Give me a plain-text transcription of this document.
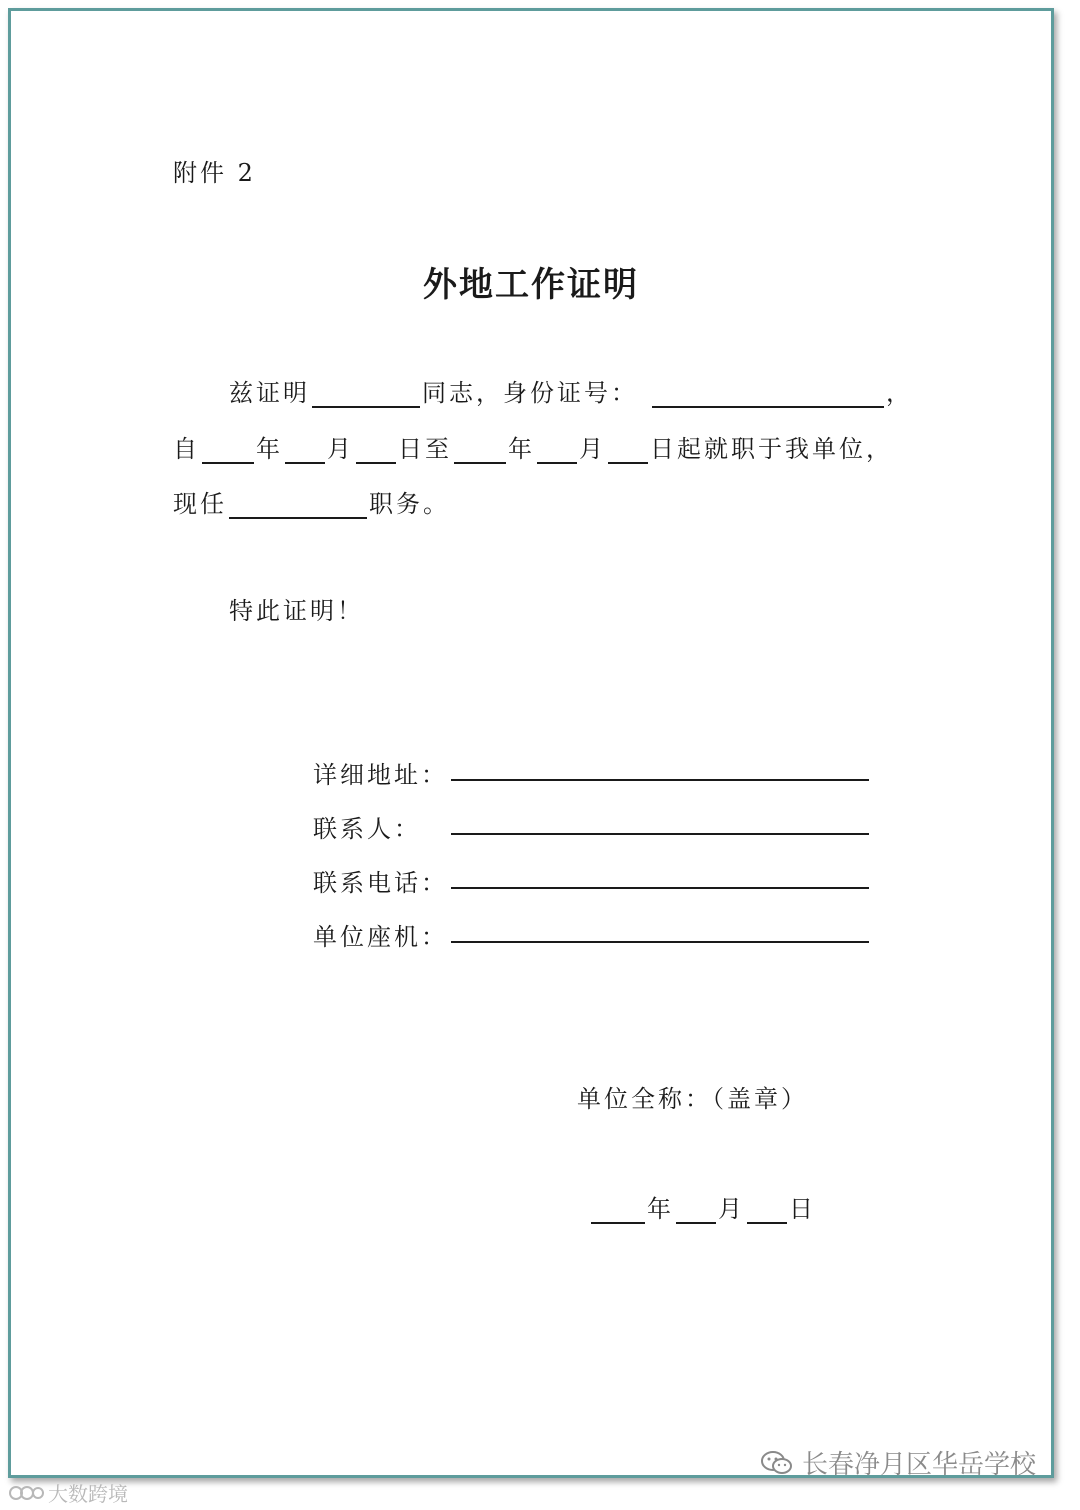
附件 2
外地工作证明
兹证明	同志，身份证号：	，
自 年 月 日至 年 月 日起就职于我单位，
现任	职务。
特此证明！
详细地址：
联系人：
联系电话：
单位座机：
单位全称：（盖章）
年 月 日
长春净月区华岳学校
大数跨境
